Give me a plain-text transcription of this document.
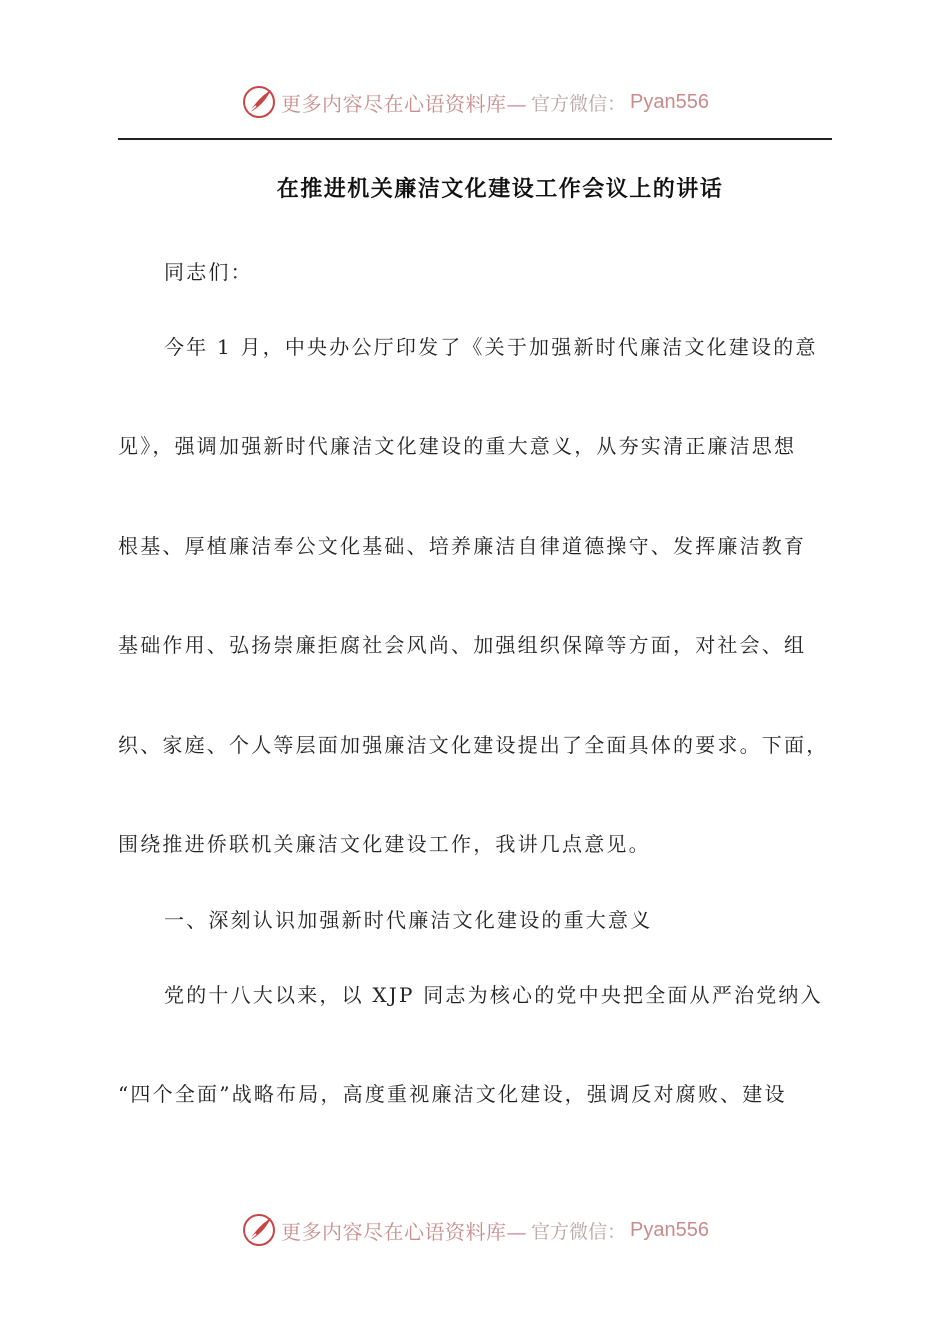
更多内容尽在心语资料库— 官方微信： Pyan556
在推进机关廉洁文化建设工作会议上的讲话
同志们：
今年 1 月，中央办公厅印发了《关于加强新时代廉洁文化建设的意
见》，强调加强新时代廉洁文化建设的重大意义，从夯实清正廉洁思想
根基、厚植廉洁奉公文化基础、培养廉洁自律道德操守、发挥廉洁教育
基础作用、弘扬崇廉拒腐社会风尚、加强组织保障等方面，对社会、组
织、家庭、个人等层面加强廉洁文化建设提出了全面具体的要求。下面，
围绕推进侨联机关廉洁文化建设工作，我讲几点意见。
一、深刻认识加强新时代廉洁文化建设的重大意义
党的十八大以来，以 XJP 同志为核心的党中央把全面从严治党纳入
“四个全面”战略布局，高度重视廉洁文化建设，强调反对腐败、建设
更多内容尽在心语资料库— 官方微信： Pyan556
